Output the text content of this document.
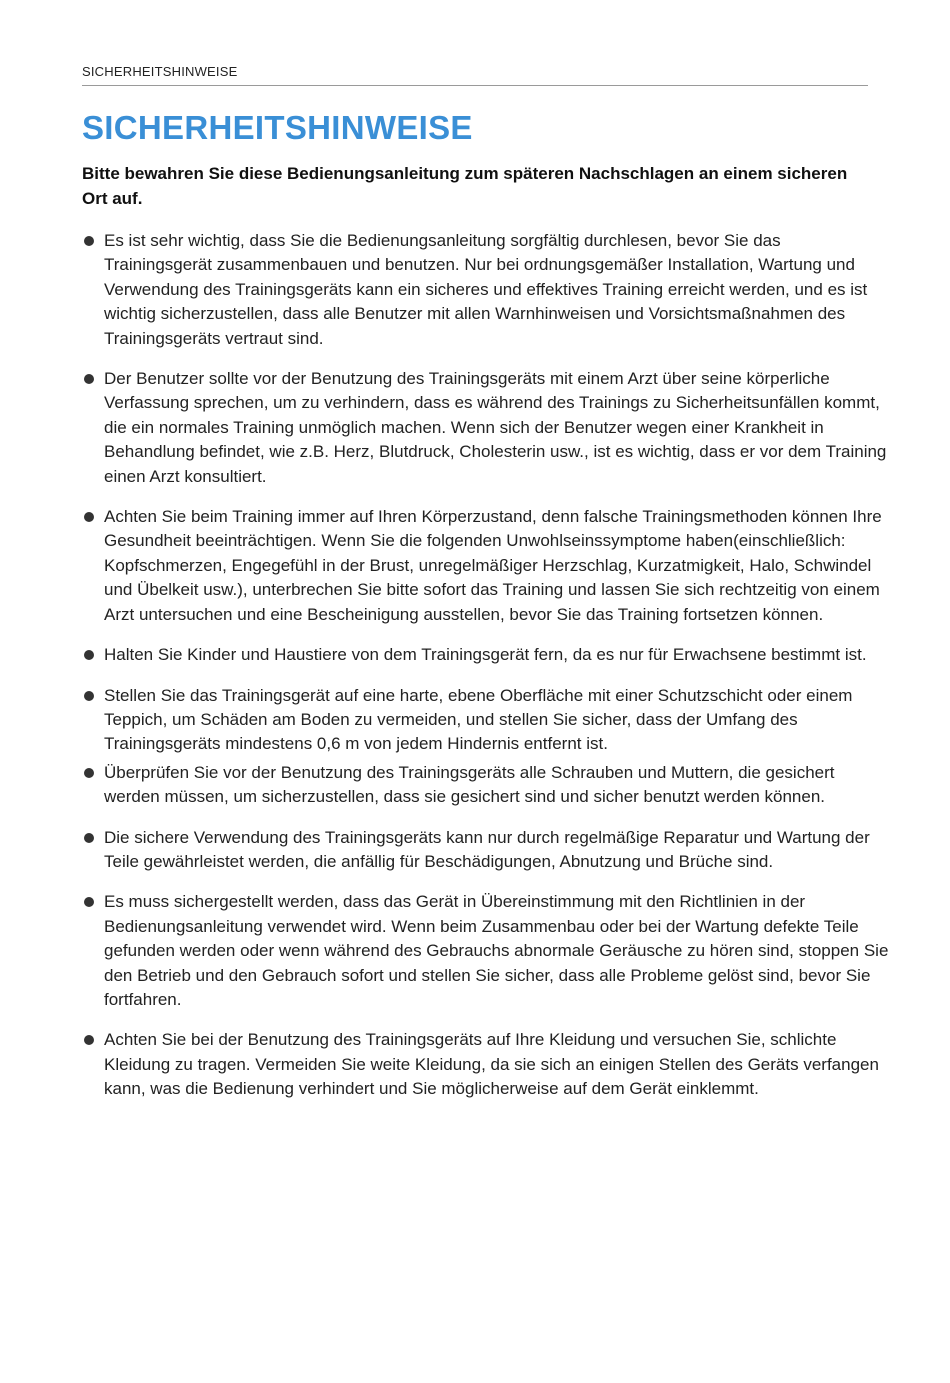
SICHERHEITSHINWEISE
SICHERHEITSHINWEISE

Bitte bewahren Sie diese Bedienungsanleitung zum späteren Nachschlagen an einem sicheren Ort auf.

Es ist sehr wichtig, dass Sie die Bedienungsanleitung sorgfältig durchlesen, bevor Sie das Trainingsgerät zusammenbauen und benutzen. Nur bei ordnungsgemäßer Installation, Wartung und Verwendung des Trainingsgeräts kann ein sicheres und effektives Training erreicht werden, und es ist wichtig sicherzustellen, dass alle Benutzer mit allen Warnhinweisen und Vorsichtsmaßnahmen des Trainingsgeräts vertraut sind.
Der Benutzer sollte vor der Benutzung des Trainingsgeräts mit einem Arzt über seine körperliche Verfassung sprechen, um zu verhindern, dass es während des Trainings zu Sicherheitsunfällen kommt, die ein normales Training unmöglich machen. Wenn sich der Benutzer wegen einer Krankheit in Behandlung befindet, wie z.B. Herz, Blutdruck, Cholesterin usw., ist es wichtig, dass er vor dem Training einen Arzt konsultiert.
Achten Sie beim Training immer auf Ihren Körperzustand, denn falsche Trainingsmethoden können Ihre Gesundheit beeinträchtigen. Wenn Sie die folgenden Unwohlseinssymptome haben(einschließlich: Kopfschmerzen, Engegefühl in der Brust, unregelmäßiger Herzschlag, Kurzatmigkeit, Halo, Schwindel und Übelkeit usw.), unterbrechen Sie bitte sofort das Training und lassen Sie sich rechtzeitig von einem Arzt untersuchen und eine Bescheinigung ausstellen, bevor Sie das Training fortsetzen können.
Halten Sie Kinder und Haustiere von dem Trainingsgerät fern, da es nur für Erwachsene bestimmt ist.
Stellen Sie das Trainingsgerät auf eine harte, ebene Oberfläche mit einer Schutzschicht oder einem Teppich, um Schäden am Boden zu vermeiden, und stellen Sie sicher, dass der Umfang des Trainingsgeräts mindestens 0,6 m von jedem Hindernis entfernt ist.
Überprüfen Sie vor der Benutzung des Trainingsgeräts alle Schrauben und Muttern, die gesichert werden müssen, um sicherzustellen, dass sie gesichert sind und sicher benutzt werden können.
Die sichere Verwendung des Trainingsgeräts kann nur durch regelmäßige Reparatur und Wartung der Teile gewährleistet werden, die anfällig für Beschädigungen, Abnutzung und Brüche sind.
Es muss sichergestellt werden, dass das Gerät in Übereinstimmung mit den Richtlinien in der Bedienungsanleitung verwendet wird. Wenn beim Zusammenbau oder bei der Wartung defekte Teile gefunden werden oder wenn während des Gebrauchs abnormale Geräusche zu hören sind, stoppen Sie den Betrieb und den Gebrauch sofort und stellen Sie sicher, dass alle Probleme gelöst sind, bevor Sie fortfahren.
Achten Sie bei der Benutzung des Trainingsgeräts auf Ihre Kleidung und versuchen Sie, schlichte Kleidung zu tragen. Vermeiden Sie weite Kleidung, da sie sich an einigen Stellen des Geräts verfangen kann, was die Bedienung verhindert und Sie möglicherweise auf dem Gerät einklemmt.
